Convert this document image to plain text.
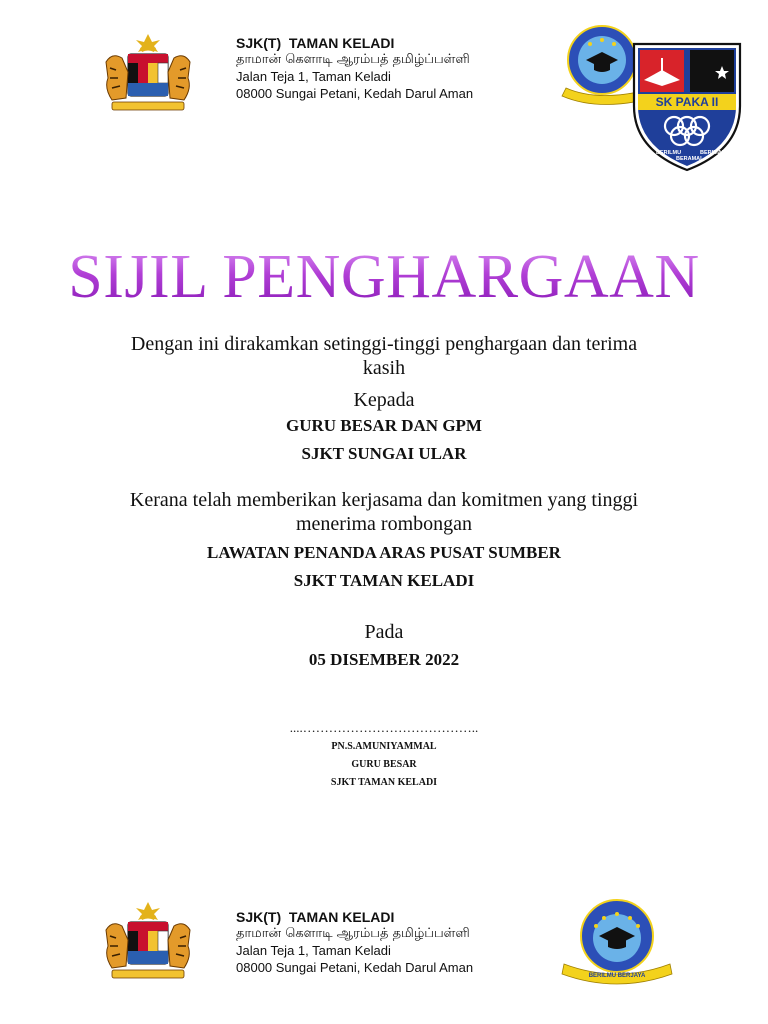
SJK(T)  TAMAN KELADI
தாமான் கெளாடி ஆரம்பத் தமிழ்ப்பள்ளி
Jalan Teja 1, Taman Keladi
08000 Sungai Petani, Kedah Darul Aman
SK PAKA II
BERILMU
BERAMAL
BERIMAN
SIJIL PENGHARGAAN
Dengan ini dirakamkan setinggi-tinggi penghargaan dan terima
kasih
Kepada
GURU BESAR DAN GPM
SJKT SUNGAI ULAR
Kerana telah memberikan kerjasama dan komitmen yang tinggi
menerima rombongan
LAWATAN PENANDA ARAS PUSAT SUMBER
SJKT TAMAN KELADI
Pada
05 DISEMBER 2022
....…………………………………..
PN.S.AMUNIYAMMAL
GURU BESAR
SJKT TAMAN KELADI
SJK(T)  TAMAN KELADI
தாமான் கெளாடி ஆரம்பத் தமிழ்ப்பள்ளி
Jalan Teja 1, Taman Keladi
08000 Sungai Petani, Kedah Darul Aman
BERILMU BERJAYA
